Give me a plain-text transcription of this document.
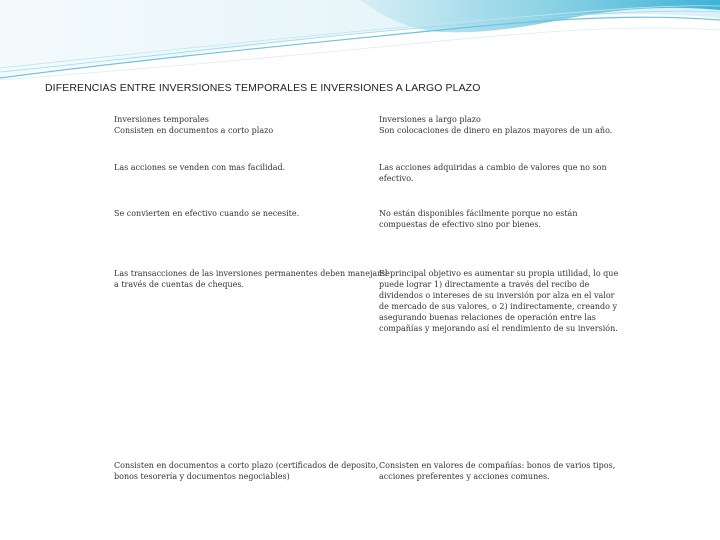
DIFERENCIAS ENTRE INVERSIONES TEMPORALES E INVERSIONES A LARGO PLAZO
Inversiones temporales
Consisten en documentos a corto plazo
Inversiones a largo plazo
Son colocaciones de dinero en plazos mayores de un año.
Las acciones se venden con mas facilidad.	Las acciones adquiridas a cambio de valores que no son
efectivo.
Se convierten en efectivo cuando se necesite.	No están disponibles fácilmente porque no están
compuestas de efectivo sino por bienes.
Las transacciones de las inversiones permanentes deben manejarse
a través de cuentas de cheques.
El principal objetivo es aumentar su propia utilidad, lo que
puede lograr 1) directamente a través del recibo de
dividendos o intereses de su inversión por alza en el valor
de mercado de sus valores, o 2) indirectamente, creando y
asegurando buenas relaciones de operación entre las
compañías y mejorando así el rendimiento de su inversión.
Consisten en documentos a corto plazo (certificados de deposito,
bonos tesorería y documentos negociables)
Consisten en valores de compañías: bonos de varios tipos,
acciones preferentes y acciones comunes.
